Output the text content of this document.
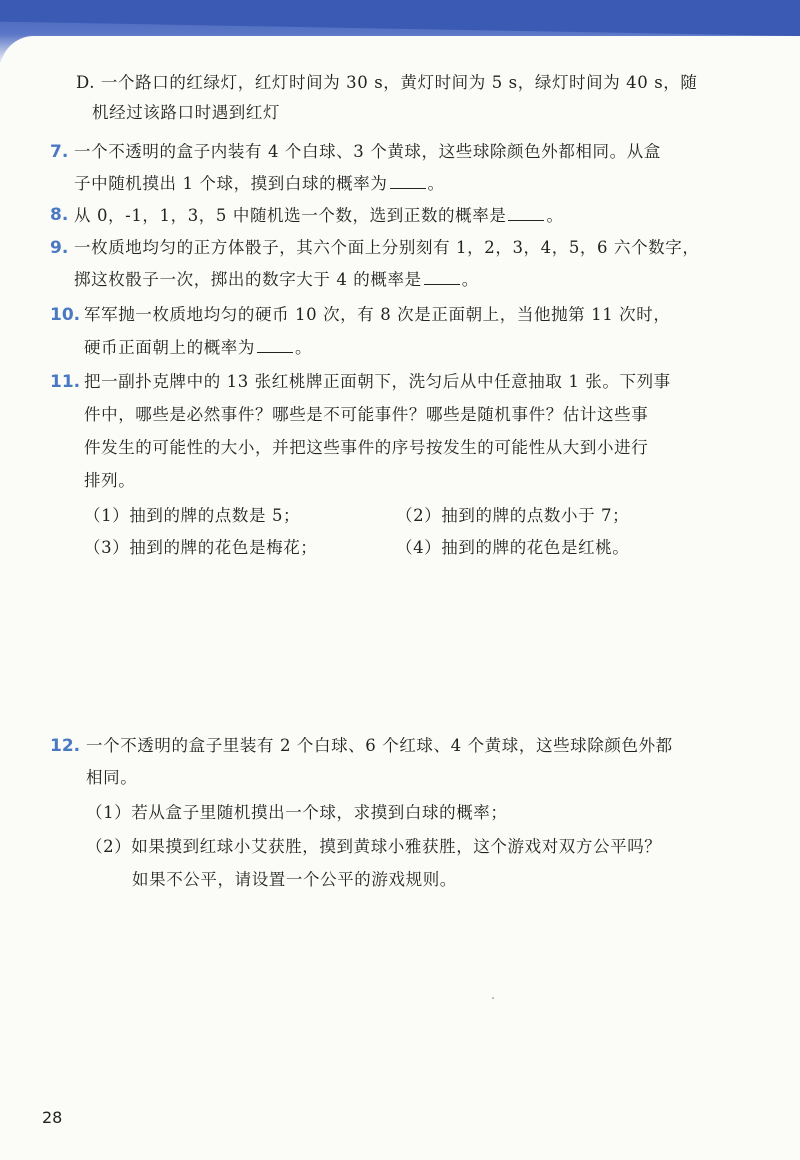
D. 一个路口的红绿灯，红灯时间为 30 s，黄灯时间为 5 s，绿灯时间为 40 s，随
机经过该路口时遇到红灯
7. 一个不透明的盒子内装有 4 个白球、3 个黄球，这些球除颜色外都相同。从盒
子中随机摸出 1 个球，摸到白球的概率为 。
8. 从 0，-1，1，3，5 中随机选一个数，选到正数的概率是 。
9. 一枚质地均匀的正方体骰子，其六个面上分别刻有 1，2，3，4，5，6 六个数字，
掷这枚骰子一次，掷出的数字大于 4 的概率是 。
10. 军军抛一枚质地均匀的硬币 10 次，有 8 次是正面朝上，当他抛第 11 次时，
硬币正面朝上的概率为 。
11. 把一副扑克牌中的 13 张红桃牌正面朝下，洗匀后从中任意抽取 1 张。下列事
件中，哪些是必然事件？哪些是不可能事件？哪些是随机事件？估计这些事
件发生的可能性的大小，并把这些事件的序号按发生的可能性从大到小进行
排列。
（1）抽到的牌的点数是 5；	（2）抽到的牌的点数小于 7；
（3）抽到的牌的花色是梅花；	（4）抽到的牌的花色是红桃。
12. 一个不透明的盒子里装有 2 个白球、6 个红球、4 个黄球，这些球除颜色外都
相同。
（1）若从盒子里随机摸出一个球，求摸到白球的概率；
（2）如果摸到红球小艾获胜，摸到黄球小雅获胜，这个游戏对双方公平吗？
如果不公平，请设置一个公平的游戏规则。
28
